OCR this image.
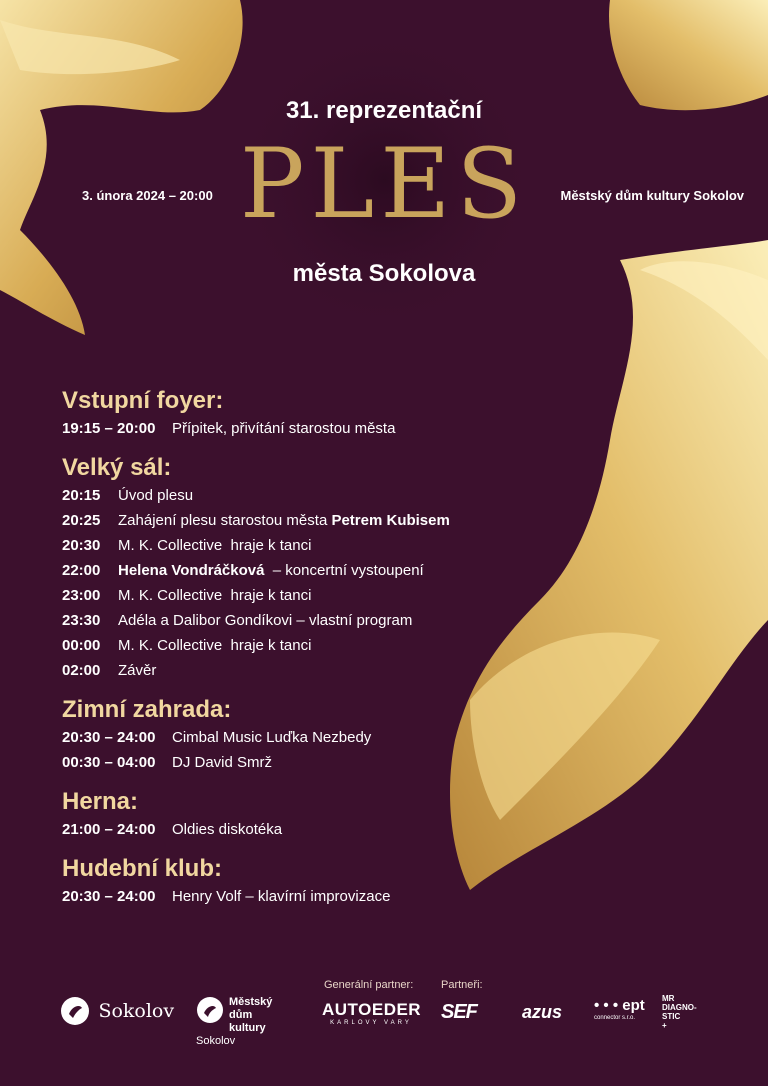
3. února 2024 – 20:00	Městský dům kultury Sokolov
31. reprezentační
PLES
města Sokolova
Vstupní foyer:
19:15 – 20:00 Přípitek, přivítání starostou města
Velký sál:
20:15 Úvod plesu
20:25 Zahájení plesu starostou města Petrem Kubisem
20:30 M. K. Collective  hraje k tanci
22:00 Helena Vondráčková  – koncertní vystoupení
23:00 M. K. Collective  hraje k tanci
23:30 Adéla a Dalibor Gondíkovi – vlastní program
00:00 M. K. Collective  hraje k tanci
02:00 Závěr
Zimní zahrada:
20:30 – 24:00 Cimbal Music Luďka Nezbedy
00:30 – 04:00 DJ David Smrž
Herna:
21:00 – 24:00 Oldies diskotéka
Hudební klub:
20:30 – 24:00 Henry Volf – klavírní improvizace
Generální partner:	Partneři:
Sokolov	Městský dům
kultury Sokolov
AUTOEDER
KARLOVY VARY	SEF	azus • • • ept
connector s.r.o.
MR
DIAGNO-
STIC
+
